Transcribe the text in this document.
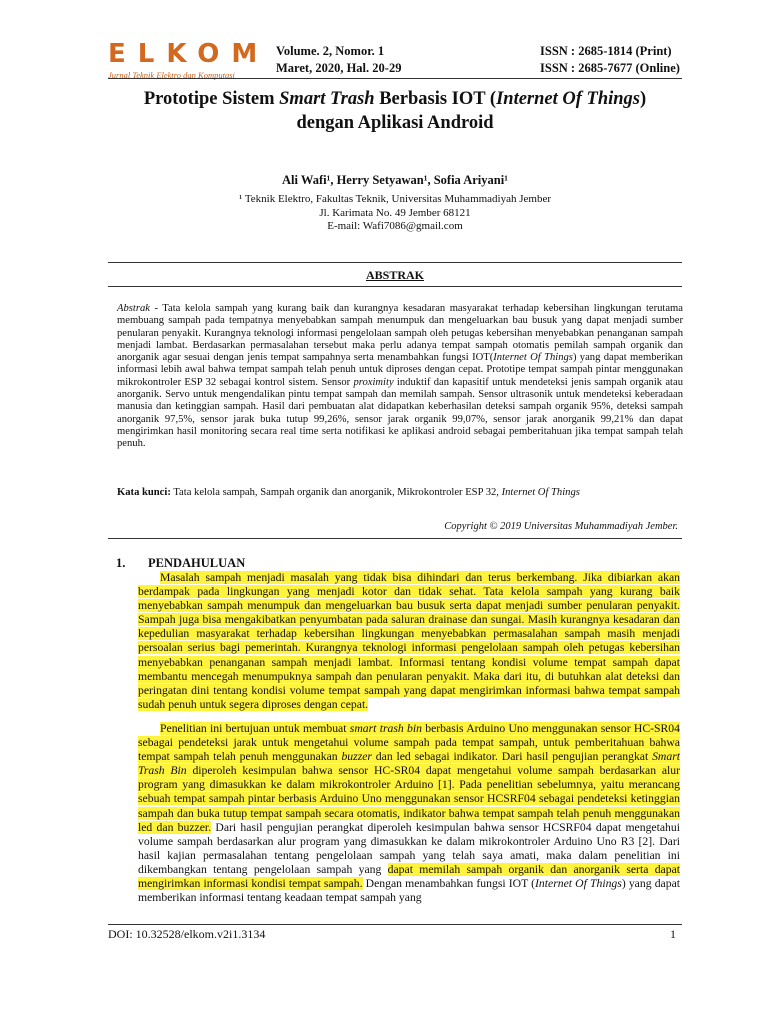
ELKOM
Jurnal Teknik Elektro dan Komputasi
Volume. 2, Nomor. 1
Maret, 2020, Hal. 20-29
ISSN : 2685-1814 (Print)
ISSN : 2685-7677 (Online)
Prototipe Sistem Smart Trash Berbasis IOT (Internet Of Things)
dengan Aplikasi Android
Ali Wafi¹, Herry Setyawan¹, Sofia Ariyani¹
¹ Teknik Elektro, Fakultas Teknik, Universitas Muhammadiyah Jember
Jl. Karimata No. 49 Jember 68121
E-mail: Wafi7086@gmail.com
ABSTRAK
Abstrak - Tata kelola sampah yang kurang baik dan kurangnya kesadaran masyarakat terhadap kebersihan lingkungan terutama membuang sampah pada tempatnya menyebabkan sampah menumpuk dan mengeluarkan bau busuk yang dapat menjadi sumber penularan penyakit. Kurangnya teknologi informasi pengelolaan sampah oleh petugas kebersihan menyebabkan penanganan sampah menjadi lambat. Berdasarkan permasalahan tersebut maka perlu adanya tempat sampah otomatis pemilah sampah organik dan anorganik agar sesuai dengan jenis tempat sampahnya serta menambahkan fungsi IOT(Internet Of Things) yang dapat memberikan informasi lebih awal bahwa tempat sampah telah penuh untuk diproses dengan cepat. Prototipe tempat sampah pintar menggunakan mikrokontroler ESP 32 sebagai kontrol sistem. Sensor proximity induktif dan kapasitif untuk mendeteksi jenis sampah organik atau anorganik. Servo untuk mengendalikan pintu tempat sampah dan memilah sampah. Sensor ultrasonik untuk mendeteksi keberadaan manusia dan ketinggian sampah. Hasil dari pembuatan alat didapatkan keberhasilan deteksi sampah organik 95%, deteksi sampah anorganik 97,5%, sensor jarak buka tutup 99,26%, sensor jarak organik 99,07%, sensor jarak anorganik 99,21% dan dapat mengirimkan hasil monitoring secara real time serta notifikasi ke aplikasi android sebagai pemberitahuan jika tempat sampah telah penuh.
Kata kunci: Tata kelola sampah, Sampah organik dan anorganik, Mikrokontroler ESP 32, Internet Of Things
Copyright © 2019 Universitas Muhammadiyah Jember.
1. PENDAHULUAN

Masalah sampah menjadi masalah yang tidak bisa dihindari dan terus berkembang. Jika dibiarkan akan berdampak pada lingkungan yang menjadi kotor dan tidak sehat. Tata kelola sampah yang kurang baik menyebabkan sampah menumpuk dan mengeluarkan bau busuk serta dapat menjadi sumber penularan penyakit. Sampah juga bisa mengakibatkan penyumbatan pada saluran drainase dan sungai. Masih kurangnya kesadaran dan kepedulian masyarakat terhadap kebersihan lingkungan menyebabkan permasalahan sampah masih menjadi persoalan serius bagi pemerintah. Kurangnya teknologi informasi pengelolaan sampah oleh petugas kebersihan menyebabkan penanganan sampah menjadi lambat. Informasi tentang kondisi volume tempat sampah dapat membantu mencegah menumpuknya sampah dan penularan penyakit. Maka dari itu, di butuhkan alat deteksi dan peringatan dini tentang kondisi volume tempat sampah yang dapat mengirimkan informasi bahwa tempat sampah sudah penuh untuk segera diproses dengan cepat.

Penelitian ini bertujuan untuk membuat smart trash bin berbasis Arduino Uno menggunakan sensor HC-SR04 sebagai pendeteksi jarak untuk mengetahui volume sampah pada tempat sampah, untuk pemberitahuan bahwa tempat sampah telah penuh menggunakan buzzer dan led sebagai indikator. Dari hasil pengujian perangkat Smart Trash Bin diperoleh kesimpulan bahwa sensor HC-SR04 dapat mengetahui volume sampah berdasarkan alur program yang dimasukkan ke dalam mikrokontroler Arduino [1]. Pada penelitian sebelumnya, yaitu merancang sebuah tempat sampah pintar berbasis Arduino Uno menggunakan sensor HCSRF04 sebagai pendeteksi ketinggian sampah dan buka tutup tempat sampah secara otomatis, indikator bahwa tempat sampah telah penuh menggunakan led dan buzzer. Dari hasil pengujian perangkat diperoleh kesimpulan bahwa sensor HCSRF04 dapat mengetahui volume sampah berdasarkan alur program yang dimasukkan ke dalam mikrokontroler Arduino Uno R3 [2]. Dari hasil kajian permasalahan tentang pengelolaan sampah yang telah saya amati, maka dalam penelitian ini dikembangkan tentang pengelolaan sampah yang dapat memilah sampah organik dan anorganik serta dapat mengirimkan informasi kondisi tempat sampah. Dengan menambahkan fungsi IOT (Internet Of Things) yang dapat memberikan informasi tentang keadaan tempat sampah yang

DOI: 10.32528/elkom.v2i1.3134	1
